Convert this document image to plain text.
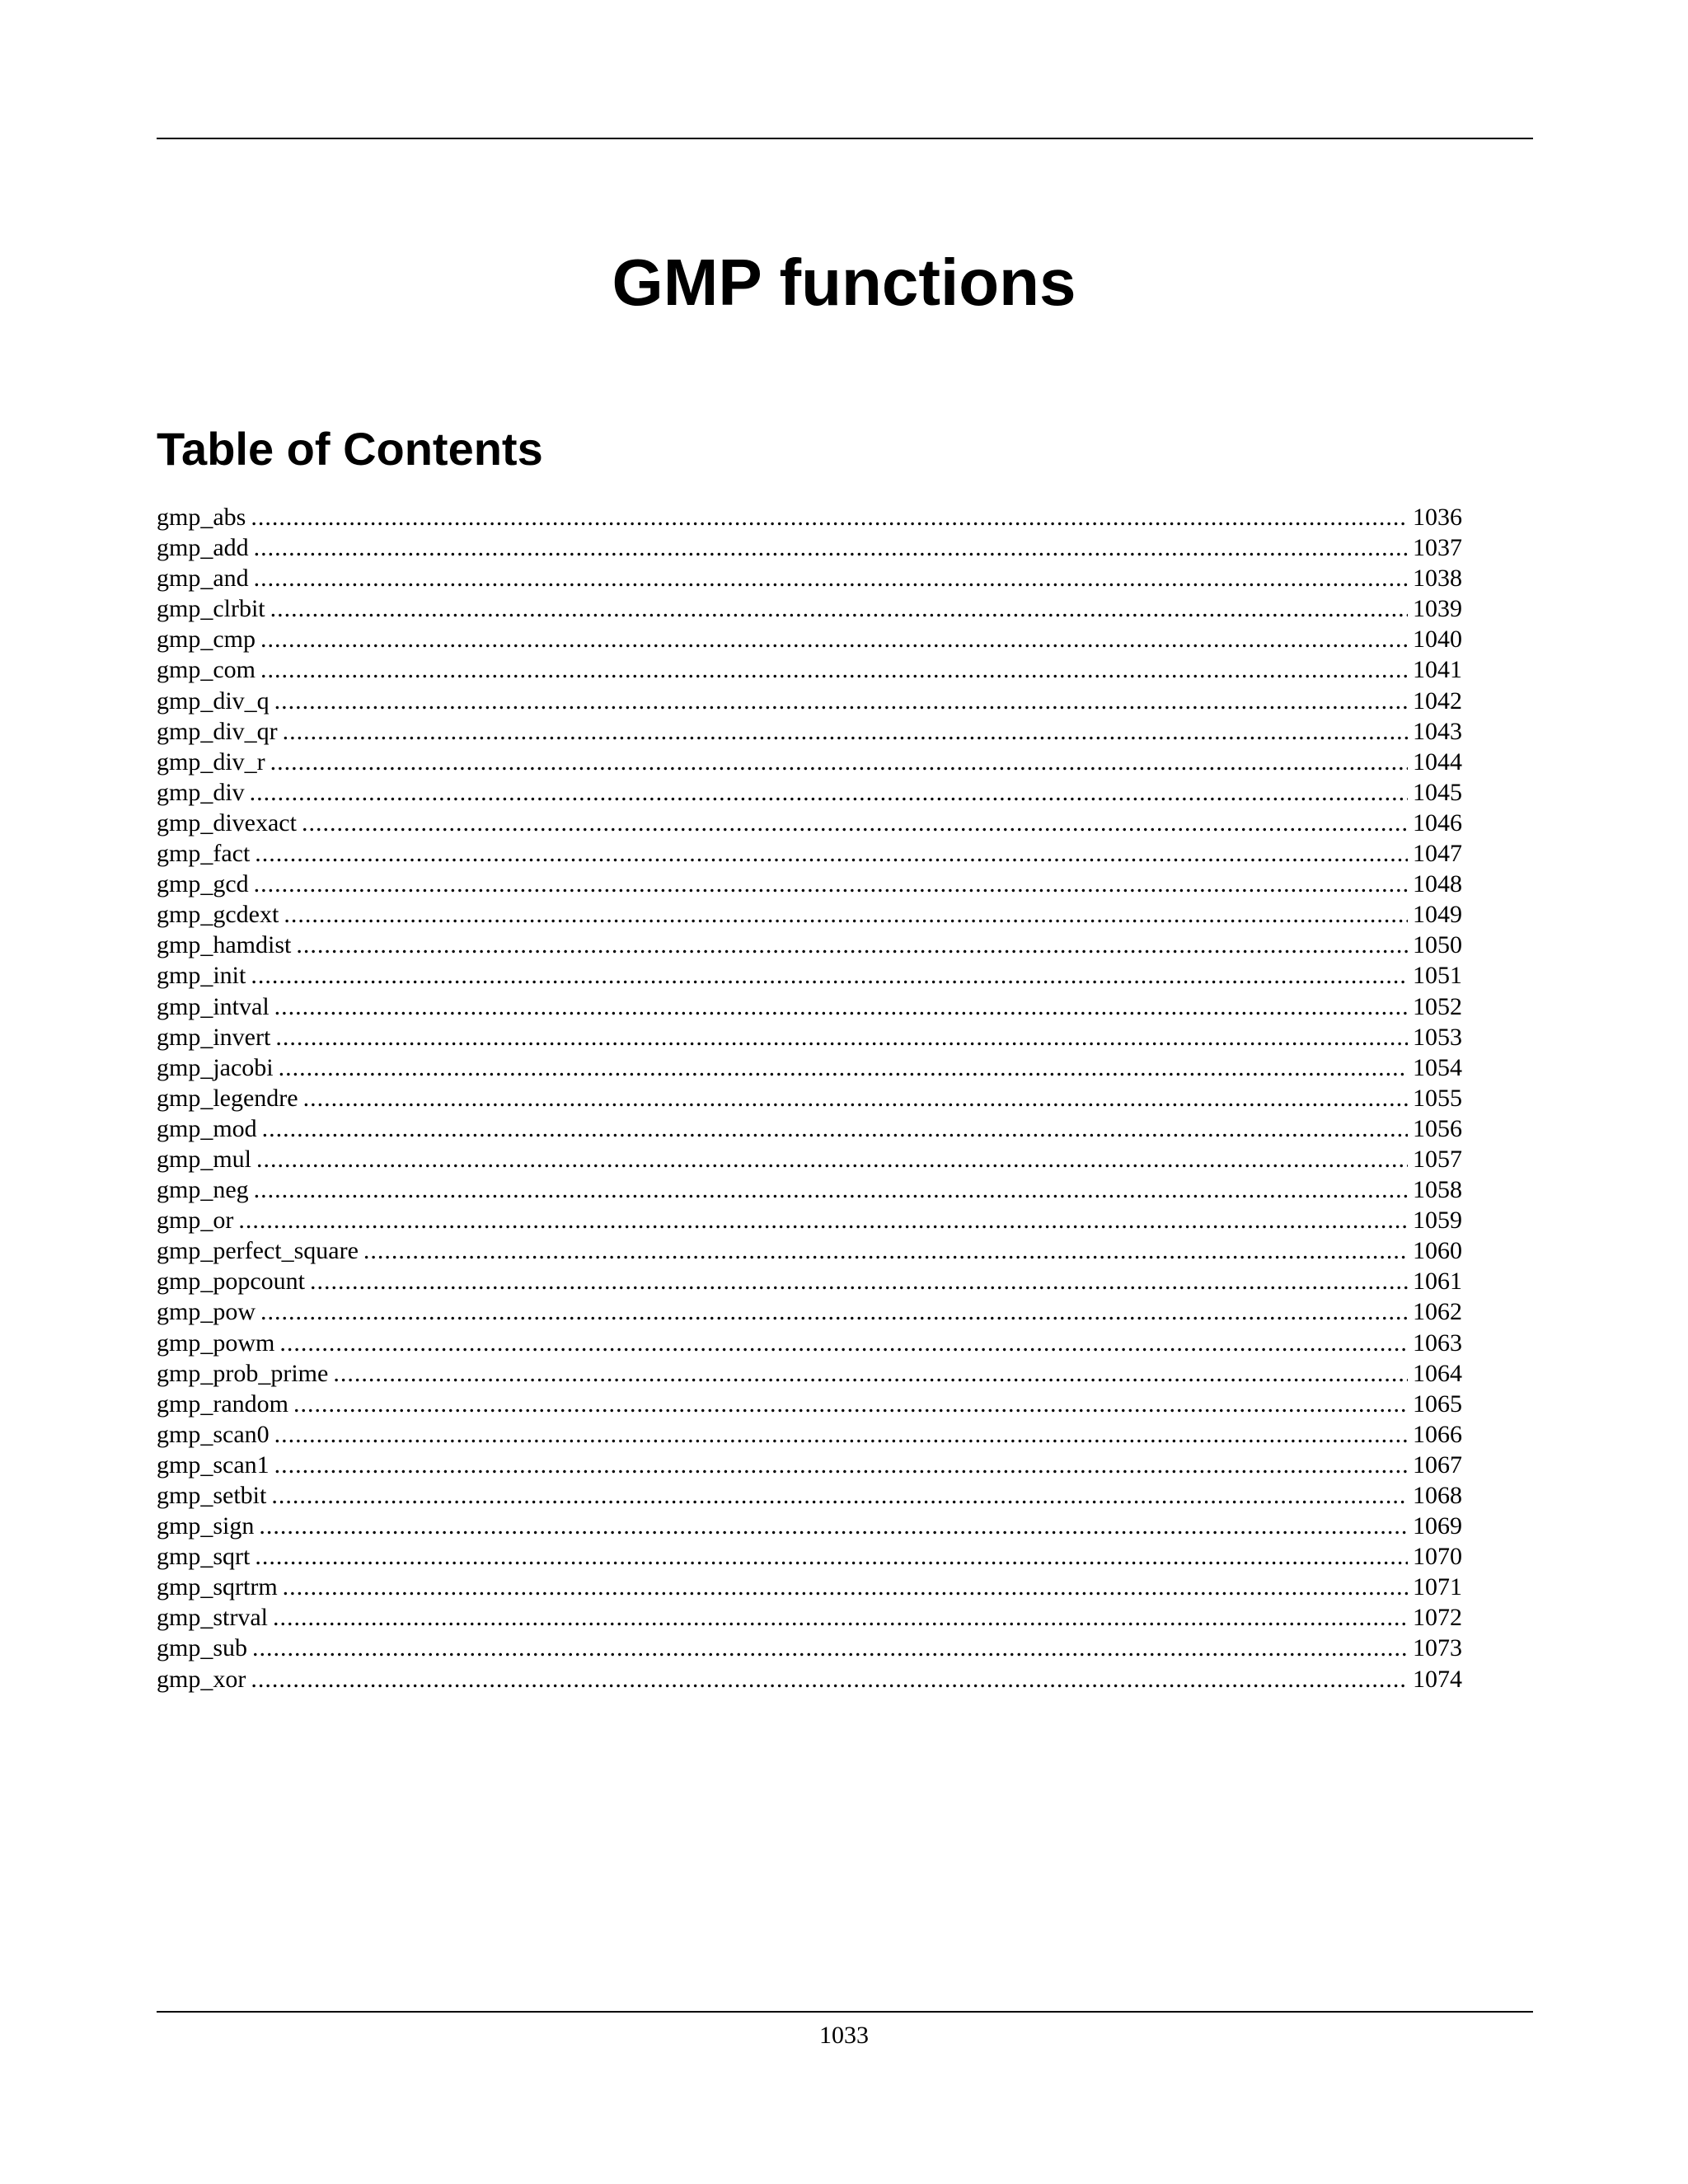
GMP functions
Table of Contents
gmp_abs .....	1036
gmp_add .....	1037
gmp_and .....	1038
gmp_clrbit .....	1039
gmp_cmp .....	1040
gmp_com .....	1041
gmp_div_q .....	1042
gmp_div_qr .....	1043
gmp_div_r .....	1044
gmp_div .....	1045
gmp_divexact .....	1046
gmp_fact .....	1047
gmp_gcd .....	1048
gmp_gcdext .....	1049
gmp_hamdist .....	1050
gmp_init .....	1051
gmp_intval .....	1052
gmp_invert .....	1053
gmp_jacobi .....	1054
gmp_legendre .....	1055
gmp_mod .....	1056
gmp_mul .....	1057
gmp_neg .....	1058
gmp_or .....	1059
gmp_perfect_square .....	1060
gmp_popcount .....	1061
gmp_pow .....	1062
gmp_powm .....	1063
gmp_prob_prime .....	1064
gmp_random .....	1065
gmp_scan0 .....	1066
gmp_scan1 .....	1067
gmp_setbit .....	1068
gmp_sign .....	1069
gmp_sqrt .....	1070
gmp_sqrtrm .....	1071
gmp_strval .....	1072
gmp_sub .....	1073
gmp_xor .....	1074
1033
